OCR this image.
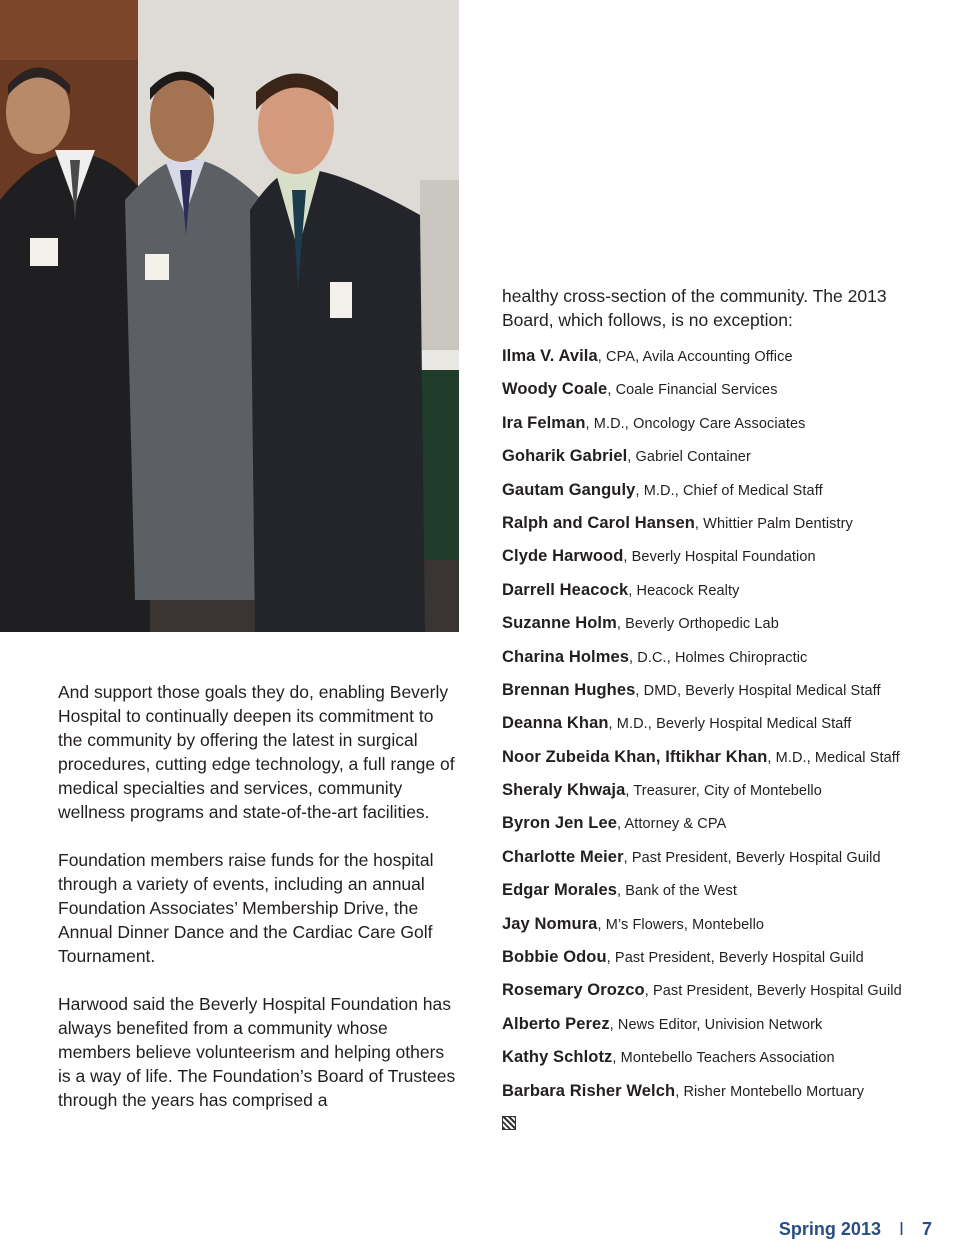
And support those goals they do, enabling Beverly Hospital to continually deepen its commitment to the community by offering the latest in surgical procedures, cutting edge technology, a full range of medical specialties and services, community wellness programs and state-of-the-art facilities.

Foundation members raise funds for the hospital through a variety of events, including an annual Foundation Associates’ Membership Drive, the Annual Dinner Dance and the Cardiac Care Golf Tournament.

Harwood said the Beverly Hospital Foundation has always benefited from a community whose members believe volunteerism and helping others is a way of life. The Foundation’s Board of Trustees through the years has comprised a

healthy cross-section of the community. The 2013 Board, which follows, is no exception:

Ilma V. Avila, CPA, Avila Accounting Office
Woody Coale, Coale Financial Services
Ira Felman, M.D., Oncology Care Associates
Goharik Gabriel, Gabriel Container
Gautam Ganguly, M.D., Chief of Medical Staff
Ralph and Carol Hansen, Whittier Palm Dentistry
Clyde Harwood, Beverly Hospital Foundation
Darrell Heacock, Heacock Realty
Suzanne Holm, Beverly Orthopedic Lab
Charina Holmes, D.C., Holmes Chiropractic
Brennan Hughes, DMD, Beverly Hospital Medical Staff
Deanna Khan, M.D., Beverly Hospital Medical Staff
Noor Zubeida Khan, Iftikhar Khan, M.D., Medical Staff
Sheraly Khwaja, Treasurer, City of Montebello
Byron Jen Lee, Attorney & CPA
Charlotte Meier, Past President, Beverly Hospital Guild
Edgar Morales, Bank of the West
Jay Nomura, M’s Flowers, Montebello
Bobbie Odou, Past President, Beverly Hospital Guild
Rosemary Orozco, Past President, Beverly Hospital Guild
Alberto Perez, News Editor, Univision Network
Kathy Schlotz, Montebello Teachers Association
Barbara Risher Welch, Risher Montebello Mortuary
Spring 2013 I 7
